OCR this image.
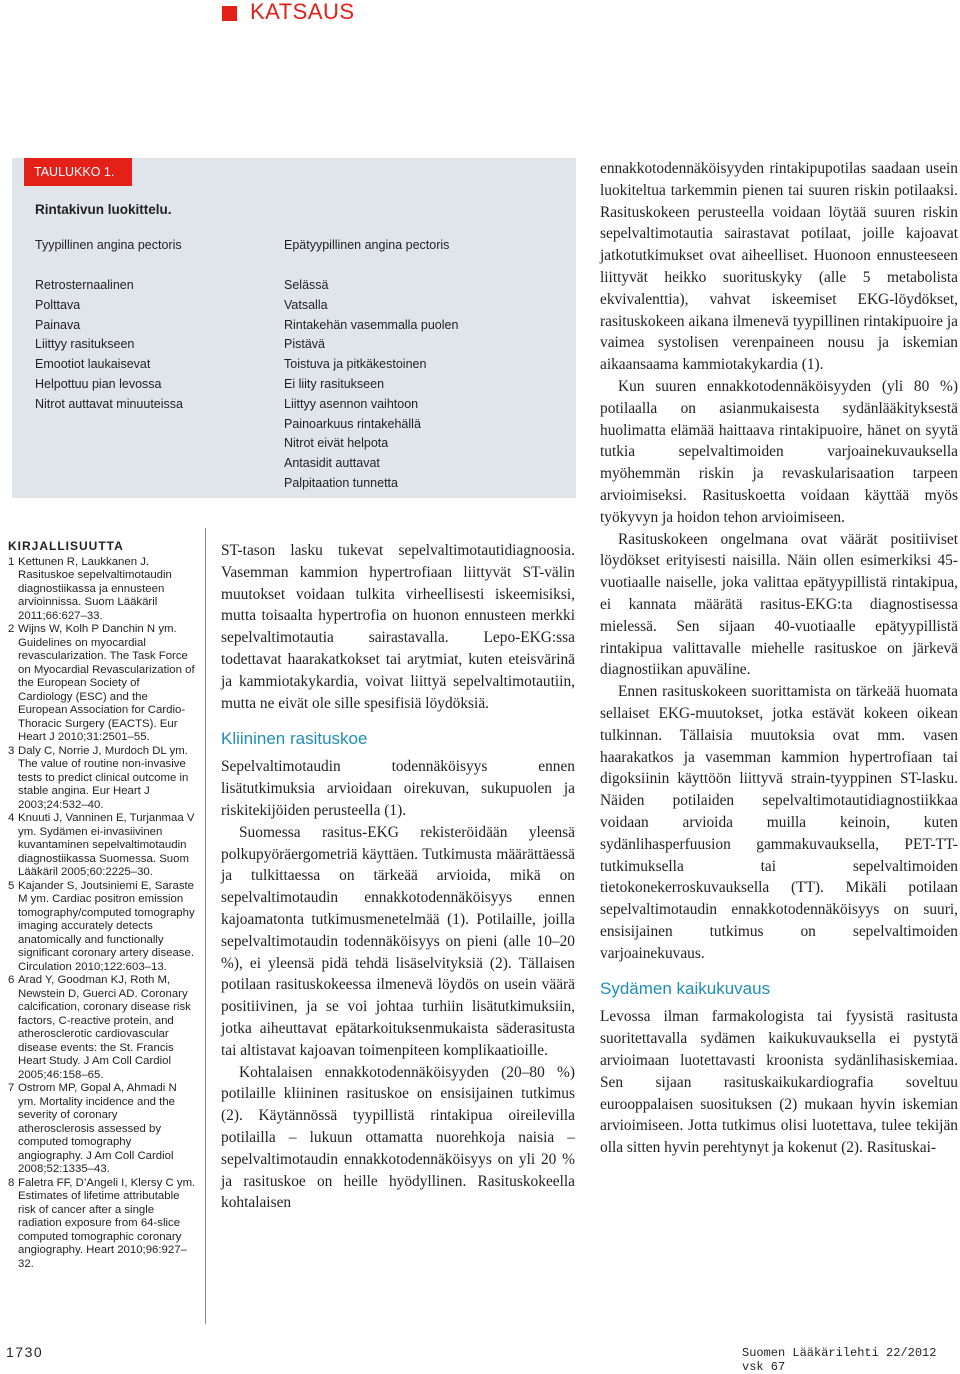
KATSAUS
TAULUKKO 1.
Rintakivun luokittelu.
Tyypillinen angina pectoris
Retrosternaalinen
Polttava
Painava
Liittyy rasitukseen
Emootiot laukaisevat
Helpottuu pian levossa
Nitrot auttavat minuuteissa
Epätyypillinen angina pectoris
Selässä
Vatsalla
Rintakehän vasemmalla puolen
Pistävä
Toistuva ja pitkäkestoinen
Ei liity rasitukseen
Liittyy asennon vaihtoon
Painoarkuus rintakehällä
Nitrot eivät helpota
Antasidit auttavat
Palpitaation tunnetta
KIRJALLISUUTTA
1 Kettunen R, Laukkanen J. Rasituskoe sepelvaltimotaudin diagnostiikassa ja ennusteen arvioinnissa. Suom Lääkäril 2011;66:627–33.
2 Wijns W, Kolh P Danchin N ym. Guidelines on myocardial revascularization. The Task Force on Myocardial Revascularization of the European Society of Cardiology (ESC) and the European Association for Cardio-Thoracic Surgery (EACTS). Eur Heart J 2010;31:2501–55.
3 Daly C, Norrie J, Murdoch DL ym. The value of routine non-invasive tests to predict clinical outcome in stable angina. Eur Heart J 2003;24:532–40.
4 Knuuti J, Vanninen E, Turjanmaa V ym. Sydämen ei-invasiivinen kuvantaminen sepelvaltimotaudin diagnostiikassa Suomessa. Suom Lääkäril 2005;60:2225–30.
5 Kajander S, Joutsiniemi E, Saraste M ym. Cardiac positron emission tomography/computed tomography imaging accurately detects anatomically and functionally significant coronary artery disease. Circulation 2010;122:603–13.
6 Arad Y, Goodman KJ, Roth M, Newstein D, Guerci AD. Coronary calcification, coronary disease risk factors, C-reactive protein, and atherosclerotic cardiovascular disease events: the St. Francis Heart Study. J Am Coll Cardiol 2005;46:158–65.
7 Ostrom MP, Gopal A, Ahmadi N ym. Mortality incidence and the severity of coronary atherosclerosis assessed by computed tomography angiography. J Am Coll Cardiol 2008;52:1335–43.
8 Faletra FF, D’Angeli I, Klersy C ym. Estimates of lifetime attributable risk of cancer after a single radiation exposure from 64-slice computed tomographic coronary angiography. Heart 2010;96:927–32.

ST-tason lasku tukevat sepelvaltimotautidiagnoosia. Vasemman kammion hypertrofiaan liittyvät ST-välin muutokset voidaan tulkita virheellisesti iskeemisiksi, mutta toisaalta hypertrofia on huonon ennusteen merkki sepelvaltimotautia sairastavalla. Lepo-EKG:ssa todettavat haarakatkokset tai arytmiat, kuten eteisvärinä ja kammiotakykardia, voivat liittyä sepelvaltimotautiin, mutta ne eivät ole sille spesifisiä löydöksiä.

Kliininen rasituskoe

Sepelvaltimotaudin todennäköisyys ennen lisätutkimuksia arvioidaan oirekuvan, sukupuolen ja riskitekijöiden perusteella (1).

Suomessa rasitus-EKG rekisteröidään yleensä polkupyöräergometriä käyttäen. Tutkimusta määrättäessä ja tulkittaessa on tärkeää arvioida, mikä on sepelvaltimotaudin ennakkotodennäköisyys ennen kajoamatonta tutkimusmenetelmää (1). Potilaille, joilla sepelvaltimotaudin todennäköisyys on pieni (alle 10–20 %), ei yleensä pidä tehdä lisäselvityksiä (2). Tällaisen potilaan rasituskokeessa ilmenevä löydös on usein väärä positiivinen, ja se voi johtaa turhiin lisätutkimuksiin, jotka aiheuttavat epätarkoituksenmukaista säderasitusta tai altistavat kajoavan toimenpiteen komplikaatioille.

Kohtalaisen ennakkotodennäköisyyden (20–80 %) potilaille kliininen rasituskoe on ensisijainen tutkimus (2). Käytännössä tyypillistä rintakipua oireilevilla potilailla – lukuun ottamatta nuorehkoja naisia – sepelvaltimotaudin ennakkotodennäköisyys on yli 20 % ja rasituskoe on heille hyödyllinen. Rasituskokeella kohtalaisen

ennakkotodennäköisyyden rintakipupotilas saadaan usein luokiteltua tarkemmin pienen tai suuren riskin potilaaksi. Rasituskokeen perusteella voidaan löytää suuren riskin sepelvaltimotautia sairastavat potilaat, joille kajoavat jatkotutkimukset ovat aiheelliset. Huonoon ennusteeseen liittyvät heikko suorituskyky (alle 5 metabolista ekvivalenttia), vahvat iskeemiset EKG-löydökset, rasituskokeen aikana ilmenevä tyypillinen rintakipuoire ja vaimea systolisen verenpaineen nousu ja iskemian aikaansaama kammiotakykardia (1).

Kun suuren ennakkotodennäköisyyden (yli 80 %) potilaalla on asianmukaisesta sydänlääkityksestä huolimatta elämää haittaava rintakipuoire, hänet on syytä tutkia sepelvaltimoiden varjoainekuvauksella myöhemmän riskin ja revaskularisaation tarpeen arvioimiseksi. Rasituskoetta voidaan käyttää myös työkyvyn ja hoidon tehon arvioimiseen.

Rasituskokeen ongelmana ovat väärät positiiviset löydökset erityisesti naisilla. Näin ollen esimerkiksi 45-vuotiaalle naiselle, joka valittaa epätyypillistä rintakipua, ei kannata määrätä rasitus-EKG:ta diagnostisessa mielessä. Sen sijaan 40-vuotiaalle epätyypillistä rintakipua valittavalle miehelle rasituskoe on järkevä diagnostiikan apuväline.

Ennen rasituskokeen suorittamista on tärkeää huomata sellaiset EKG-muutokset, jotka estävät kokeen oikean tulkinnan. Tällaisia muutoksia ovat mm. vasen haarakatkos ja vasemman kammion hypertrofiaan tai digoksiinin käyttöön liittyvä strain-tyyppinen ST-lasku. Näiden potilaiden sepelvaltimotautidiagnostiikkaa voidaan arvioida muilla keinoin, kuten sydänlihasperfuusion gammakuvauksella, PET-TT-tutkimuksella tai sepelvaltimoiden tietokonekerroskuvauksella (TT). Mikäli potilaan sepelvaltimotaudin ennakkotodennäköisyys on suuri, ensisijainen tutkimus on sepelvaltimoiden varjoainekuvaus.

Sydämen kaikukuvaus

Levossa ilman farmakologista tai fyysistä rasitusta suoritettavalla sydämen kaikukuvauksella ei pystytä arvioimaan luotettavasti kroonista sydänlihasiskemiaa. Sen sijaan rasituskaikukardiografia soveltuu eurooppalaisen suosituksen (2) mukaan hyvin iskemian arvioimiseen. Jotta tutkimus olisi luotettava, tulee tekijän olla sitten hyvin perehtynyt ja kokenut (2). Rasituskai-

1730	Suomen Lääkärilehti 22/2012 vsk 67
